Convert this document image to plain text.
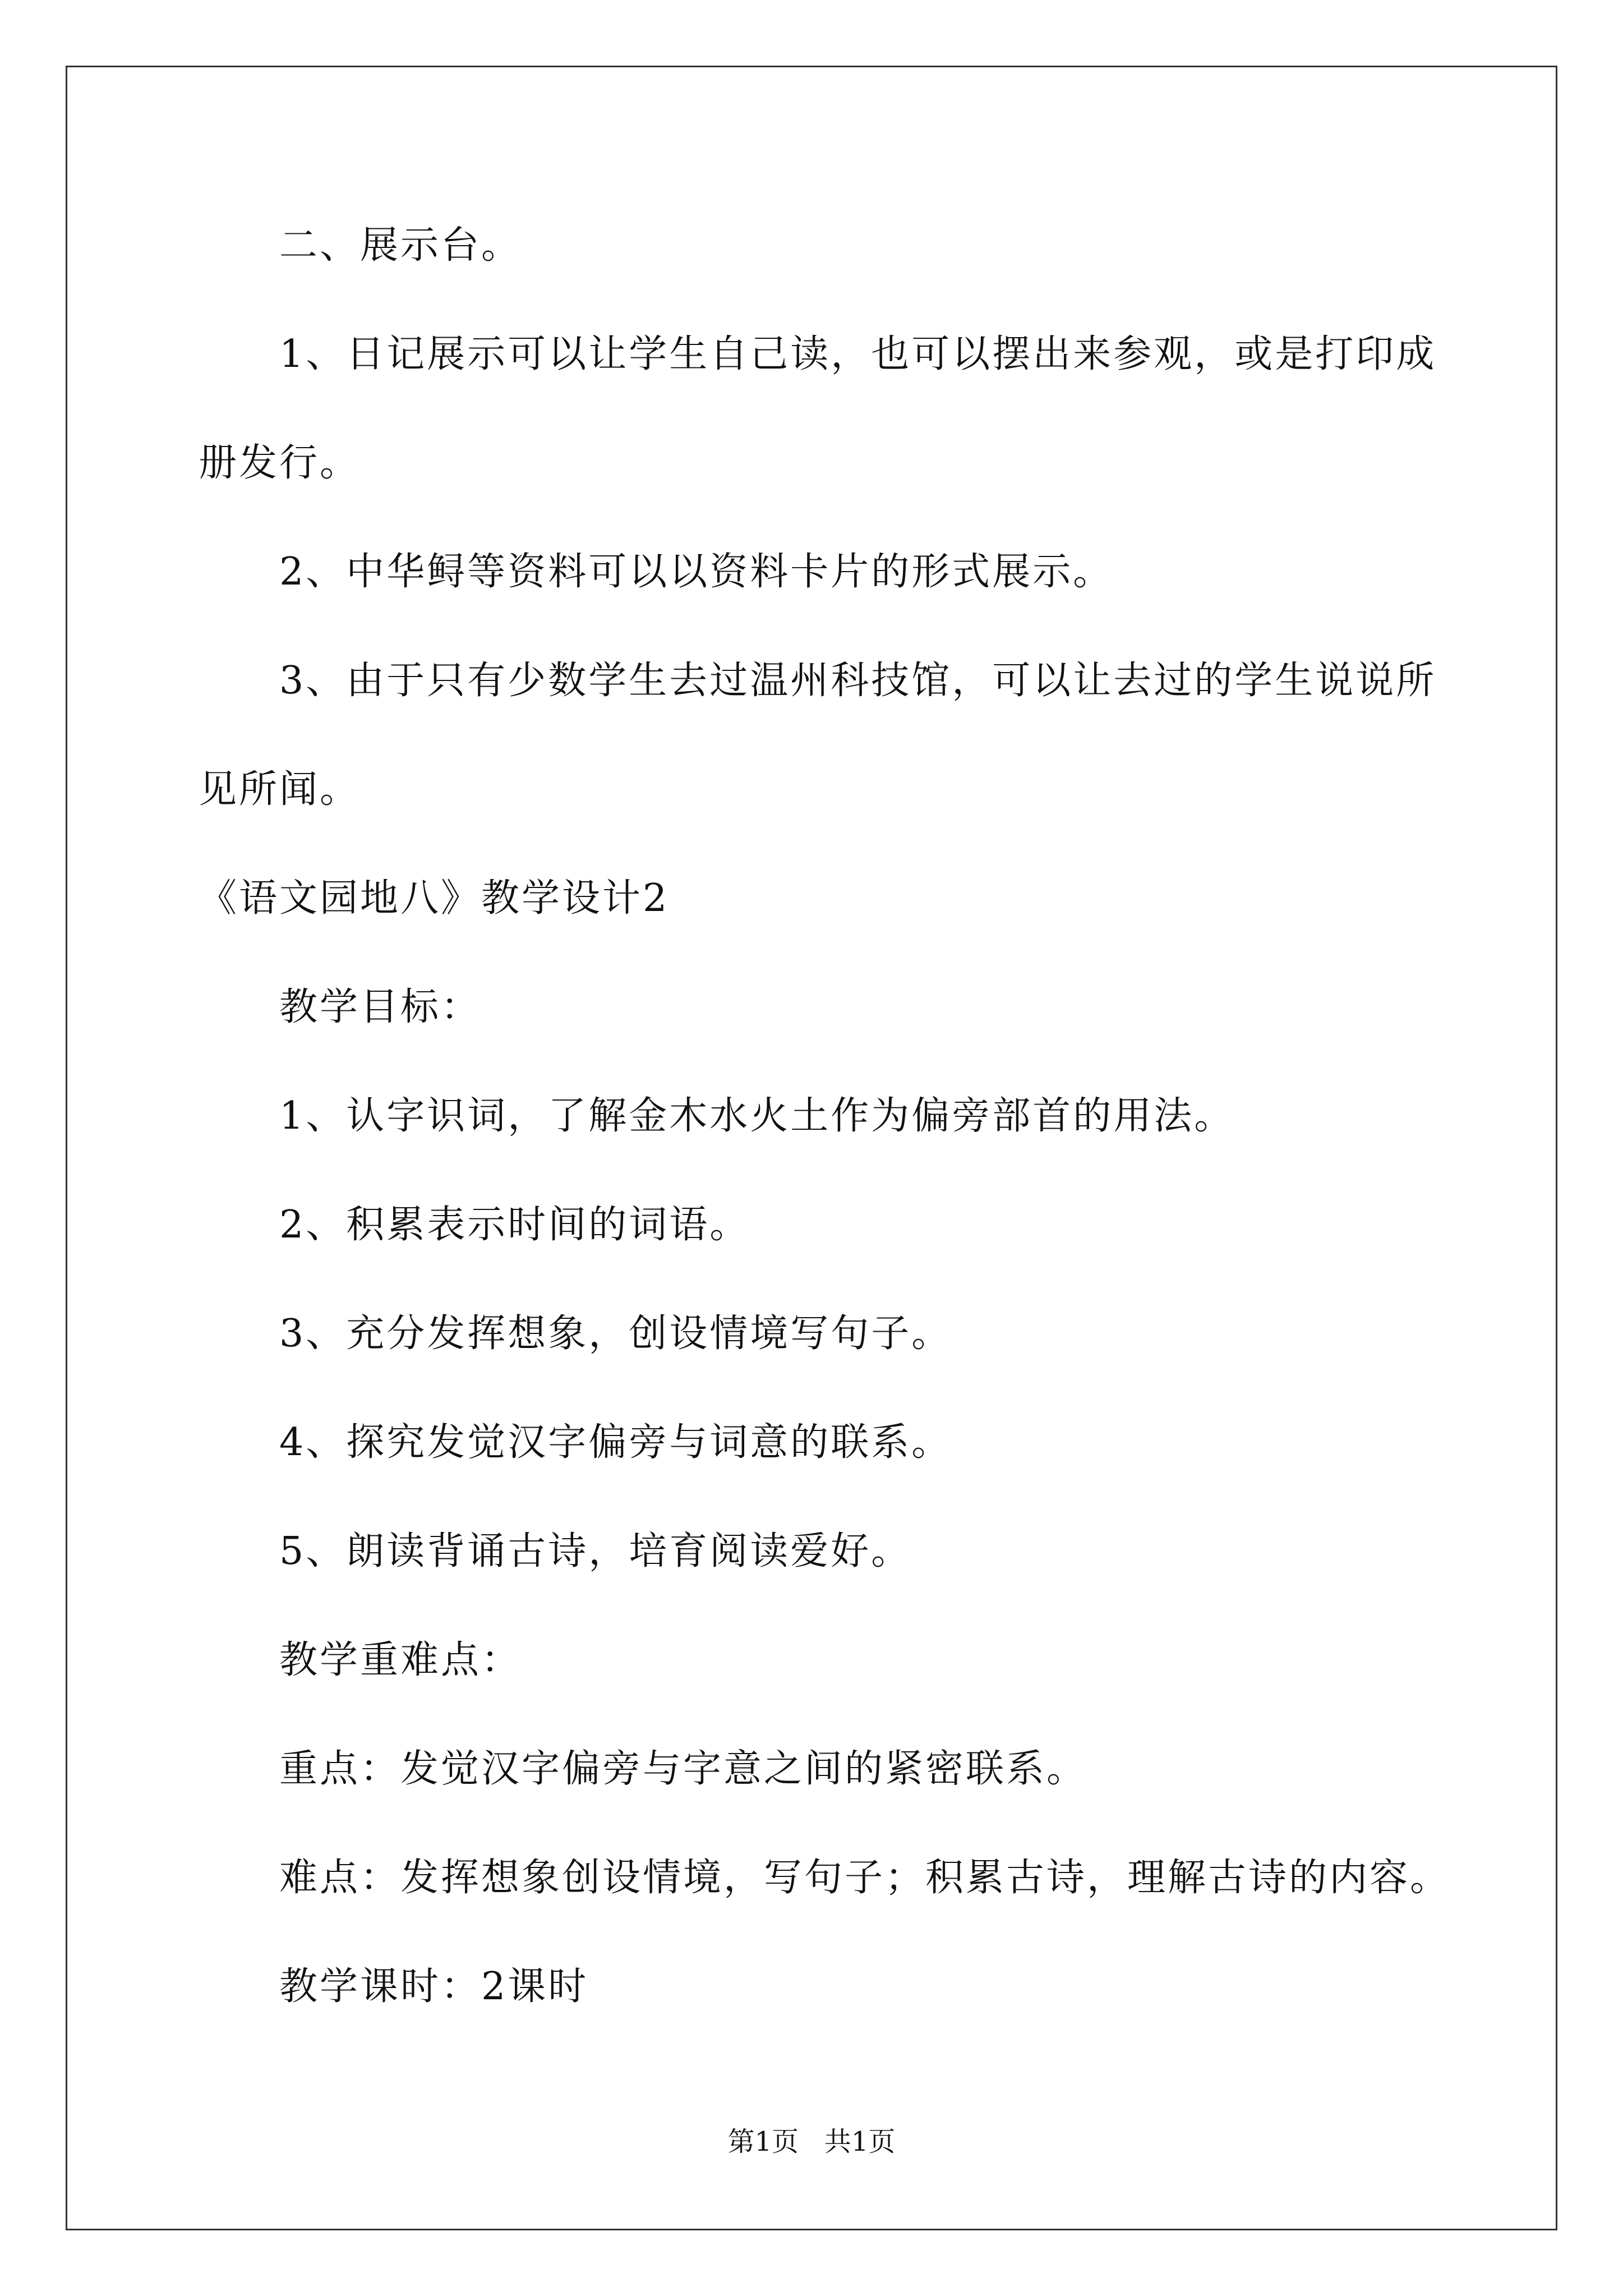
二、展示台。
1、日记展示可以让学生自己读，也可以摆出来参观，或是打印成
册发行。
2、中华鲟等资料可以以资料卡片的形式展示。
3、由于只有少数学生去过温州科技馆，可以让去过的学生说说所
见所闻。
《语文园地八》教学设计2
教学目标：
1、认字识词，了解金木水火土作为偏旁部首的用法。
2、积累表示时间的词语。
3、充分发挥想象，创设情境写句子。
4、探究发觉汉字偏旁与词意的联系。
5、朗读背诵古诗，培育阅读爱好。
教学重难点：
重点：发觉汉字偏旁与字意之间的紧密联系。
难点：发挥想象创设情境，写句子；积累古诗，理解古诗的内容。
教学课时：2课时
第1页   共1页
